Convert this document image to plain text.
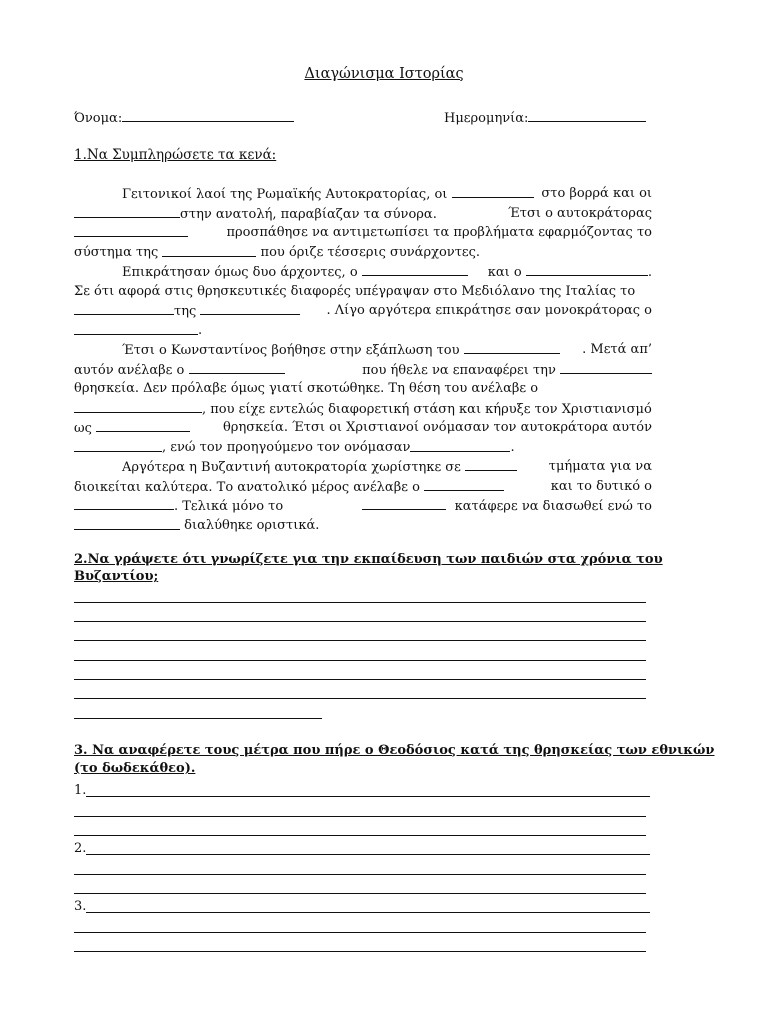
Διαγώνισμα Ιστορίας
Όνομα:	Ημερομηνία:
1.Να Συμπληρώσετε τα κενά:
Γειτονικοί λαοί της Ρωμαϊκής Αυτοκρατορίας, οι	στο βορρά και οι
στην ανατολή, παραβίαζαν τα σύνορα.	Έτσι ο αυτοκράτορας
προσπάθησε να αντιμετωπίσει τα προβλήματα εφαρμόζοντας το
σύστημα της

	που όριζε τέσσερις συνάρχοντες.
Επικράτησαν όμως δυο άρχοντες, ο	και ο	.
Σε ότι αφορά στις θρησκευτικές διαφορές υπέγραψαν στο Μεδιόλανο της Ιταλίας το
της	. Λίγο αργότερα επικράτησε σαν μονοκράτορας ο
.
Έτσι ο Κωνσταντίνος βοήθησε στην εξάπλωση του	. Μετά απ’
αυτόν ανέλαβε ο	που ήθελε να επαναφέρει την
θρησκεία. Δεν πρόλαβε όμως γιατί σκοτώθηκε. Τη θέση του ανέλαβε ο
, που είχε εντελώς διαφορετική στάση και κήρυξε τον Χριστιανισμό
ως	θρησκεία. Έτσι οι Χριστιανοί ονόμασαν τον αυτοκράτορα αυτόν
, ενώ τον προηγούμενο τον ονόμασαν	.
Αργότερα η Βυζαντινή αυτοκρατορία χωρίστηκε σε	τμήματα για να
διοικείται καλύτερα. Το ανατολικό μέρος ανέλαβε ο	και το δυτικό ο
. Τελικά μόνο το	κατάφερε να διασωθεί ενώ το

διαλύθηκε οριστικά.
2.Να γράψετε ότι γνωρίζετε για την εκπαίδευση των παιδιών στα χρόνια του
Βυζαντίου;
3. Να αναφέρετε τους μέτρα που πήρε ο Θεοδόσιος κατά της θρησκείας των εθνικών
(το δωδεκάθεο).
1.
2.
3.
